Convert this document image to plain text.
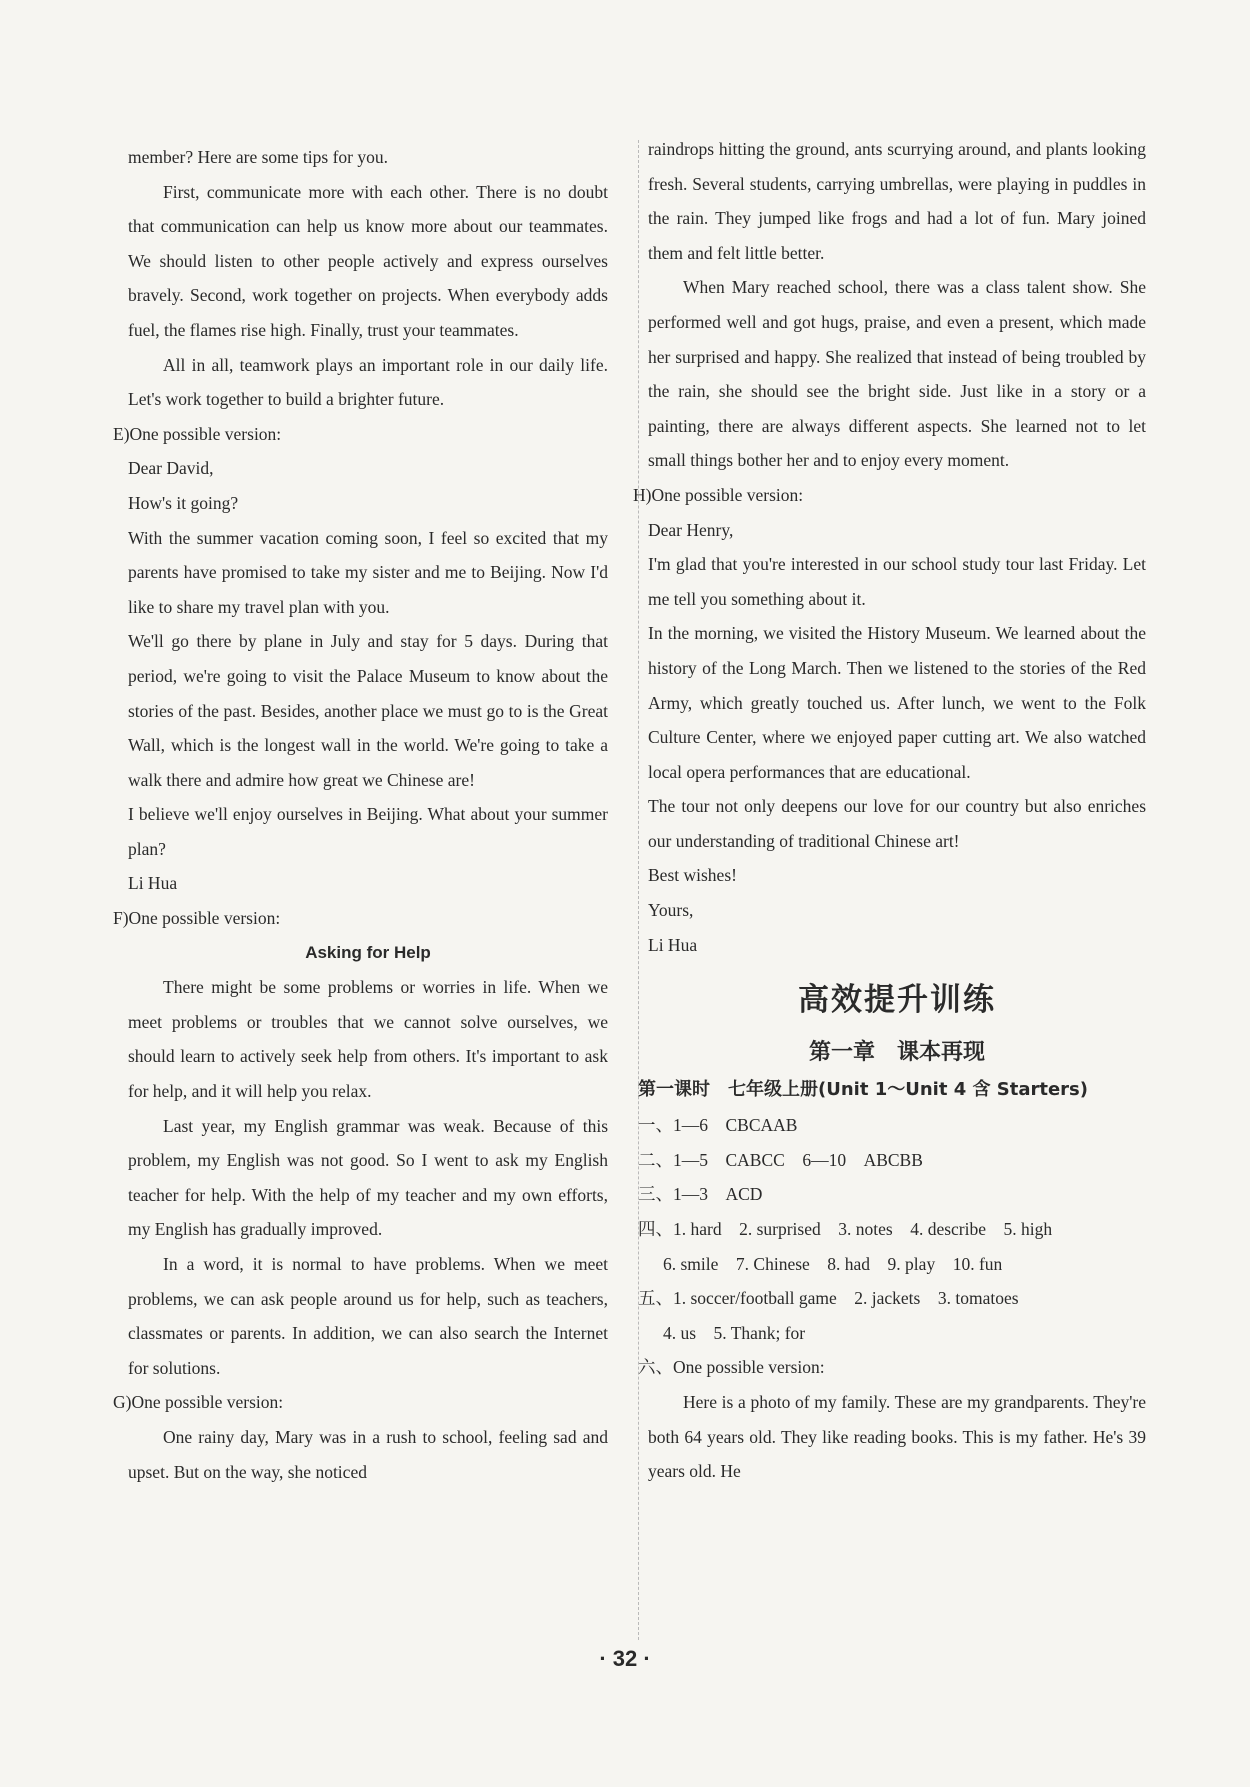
member? Here are some tips for you.

First, communicate more with each other. There is no doubt that communication can help us know more about our teammates. We should listen to other people actively and express ourselves bravely. Second, work together on projects. When everybody adds fuel, the flames rise high. Finally, trust your teammates.

All in all, teamwork plays an important role in our daily life. Let's work together to build a brighter future.

E)One possible version:

Dear David,

How's it going?

With the summer vacation coming soon, I feel so excited that my parents have promised to take my sister and me to Beijing. Now I'd like to share my travel plan with you.

We'll go there by plane in July and stay for 5 days. During that period, we're going to visit the Palace Museum to know about the stories of the past. Besides, another place we must go to is the Great Wall, which is the longest wall in the world. We're going to take a walk there and admire how great we Chinese are!

I believe we'll enjoy ourselves in Beijing. What about your summer plan?

Li Hua

F)One possible version:

Asking for Help

There might be some problems or worries in life. When we meet problems or troubles that we cannot solve ourselves, we should learn to actively seek help from others. It's important to ask for help, and it will help you relax.

Last year, my English grammar was weak. Because of this problem, my English was not good. So I went to ask my English teacher for help. With the help of my teacher and my own efforts, my English has gradually improved.

In a word, it is normal to have problems. When we meet problems, we can ask people around us for help, such as teachers, classmates or parents. In addition, we can also search the Internet for solutions.

G)One possible version:

One rainy day, Mary was in a rush to school, feeling sad and upset. But on the way, she noticed

raindrops hitting the ground, ants scurrying around, and plants looking fresh. Several students, carrying umbrellas, were playing in puddles in the rain. They jumped like frogs and had a lot of fun. Mary joined them and felt little better.

When Mary reached school, there was a class talent show. She performed well and got hugs, praise, and even a present, which made her surprised and happy. She realized that instead of being troubled by the rain, she should see the bright side. Just like in a story or a painting, there are always different aspects. She learned not to let small things bother her and to enjoy every moment.

H)One possible version:

Dear Henry,

I'm glad that you're interested in our school study tour last Friday. Let me tell you something about it.

In the morning, we visited the History Museum. We learned about the history of the Long March. Then we listened to the stories of the Red Army, which greatly touched us. After lunch, we went to the Folk Culture Center, where we enjoyed paper cutting art. We also watched local opera performances that are educational.

The tour not only deepens our love for our country but also enriches our understanding of traditional Chinese art!

Best wishes!

Yours,

Li Hua

高效提升训练
第一章　课本再现
第一课时　七年级上册(Unit 1～Unit 4 含 Starters)

一、1—6　CBCAAB

二、1—5　CABCC　6—10　ABCBB

三、1—3　ACD

四、1. hard　2. surprised　3. notes　4. describe　5. high

6. smile　7. Chinese　8. had　9. play　10. fun

五、1. soccer/football game　2. jackets　3. tomatoes

4. us　5. Thank; for

六、One possible version:

Here is a photo of my family. These are my grandparents. They're both 64 years old. They like reading books. This is my father. He's 39 years old. He

· 32 ·
